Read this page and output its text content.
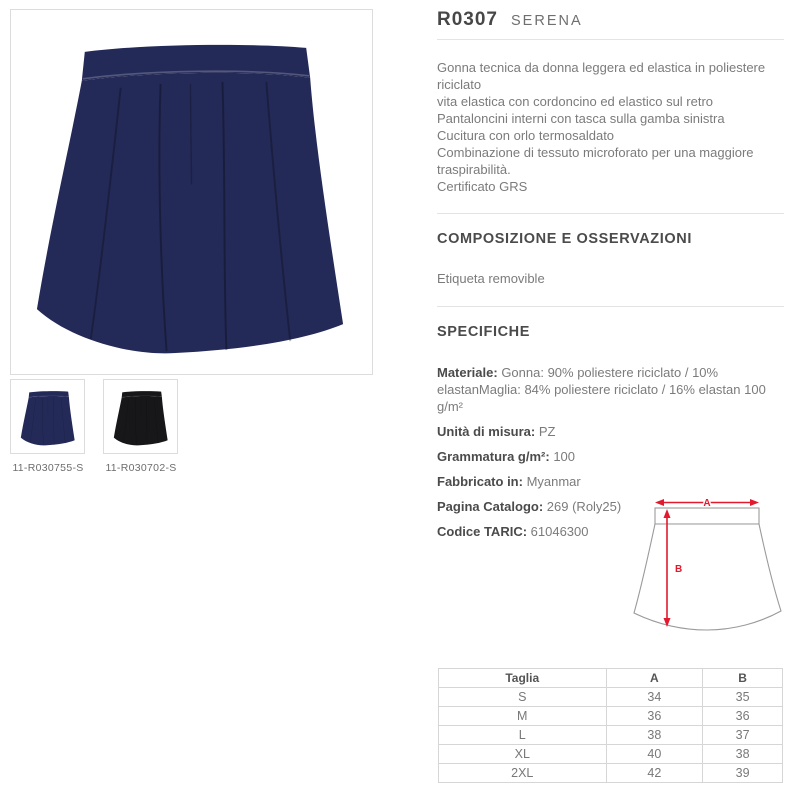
11-R030755-S	11-R030702-S
R0307 SERENA
Gonna tecnica da donna leggera ed elastica in poliestere riciclato
vita elastica con cordoncino ed elastico sul retro
Pantaloncini interni con tasca sulla gamba sinistra
Cucitura con orlo termosaldato
Combinazione di tessuto microforato per una maggiore traspirabilità.
Certificato GRS
COMPOSIZIONE E OSSERVAZIONI
Etiqueta removible
SPECIFICHE
Materiale: Gonna: 90% poliestere riciclato / 10% elastanMaglia: 84% poliestere riciclato / 16% elastan 100 g/m²
Unità di misura: PZ
Grammatura g/m²: 100
Fabbricato in: Myanmar
Pagina Catalogo: 269 (Roly25)
Codice TARIC: 61046300
A
B
Taglia	A	B
S	34	35
M	36	36
L	38	37
XL	40	38
2XL	42	39
